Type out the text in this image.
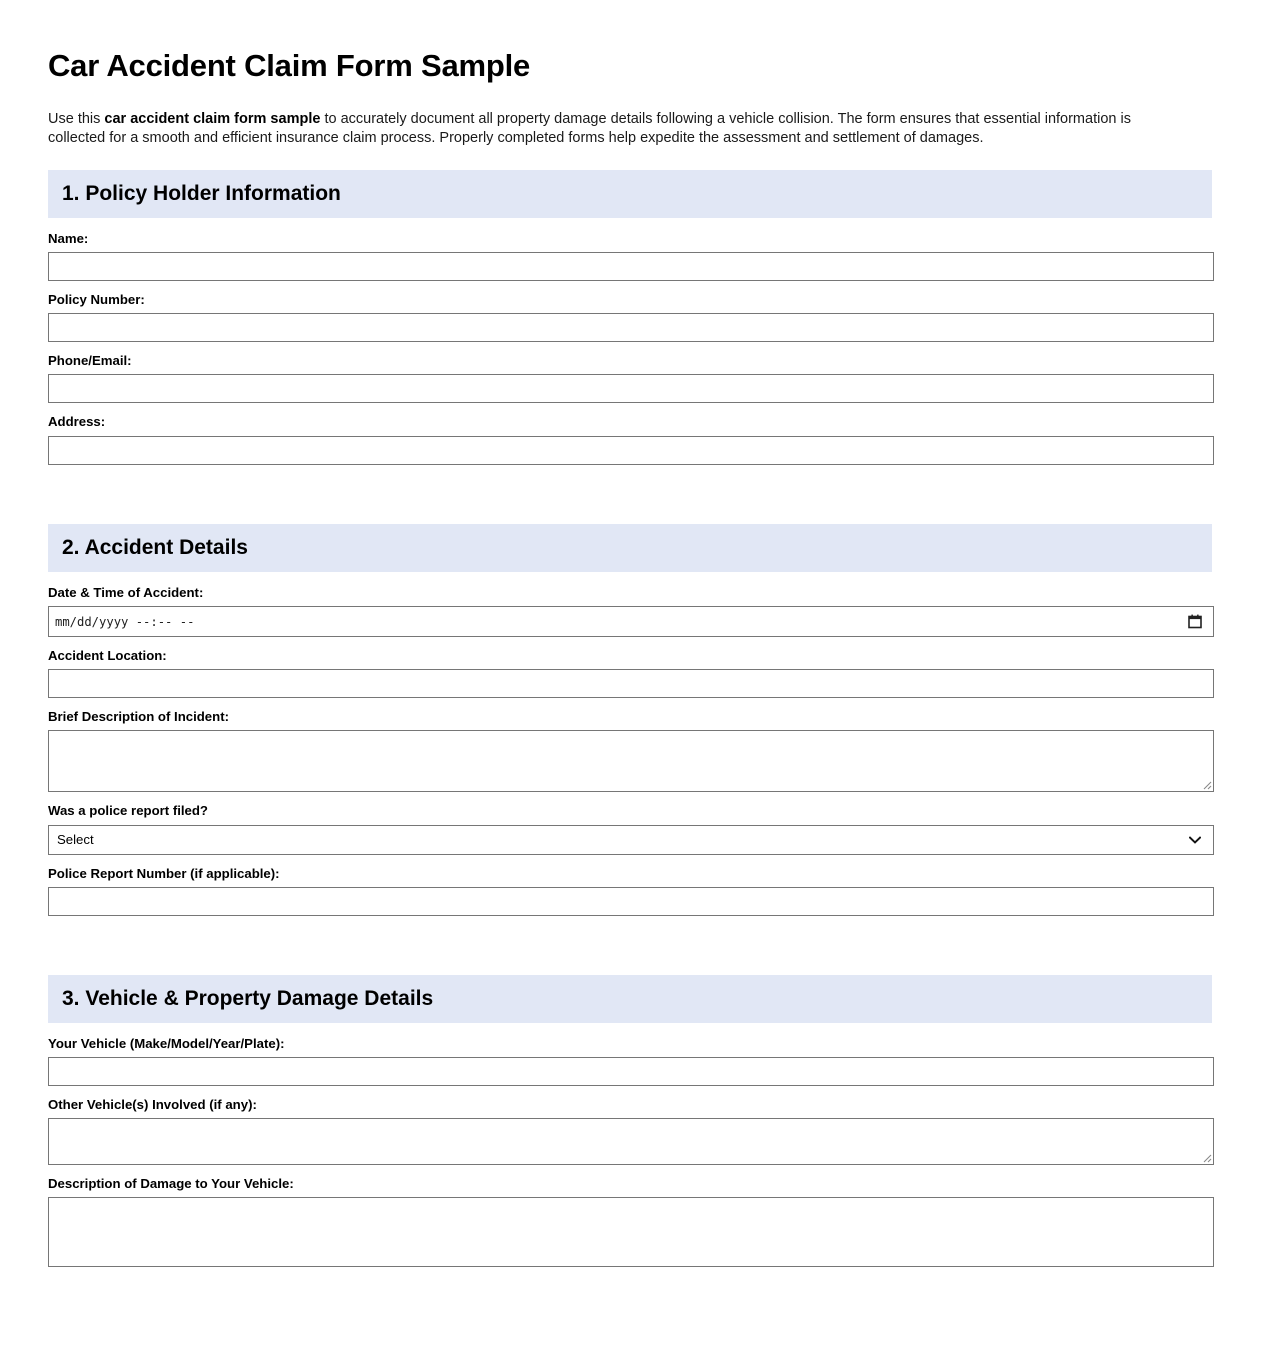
Car Accident Claim Form Sample

Use this car accident claim form sample to accurately document all property damage details following a vehicle collision. The form ensures that essential information is collected for a smooth and efficient insurance claim process. Properly completed forms help expedite the assessment and settlement of damages.

1. Policy Holder Information
Name:
Policy Number:
Phone/Email:
Address:
2. Accident Details
Date & Time of Accident:
mm/dd/yyyy --:-- --
Accident Location:
Brief Description of Incident:
Was a police report filed?
Select
Police Report Number (if applicable):
3. Vehicle & Property Damage Details
Your Vehicle (Make/Model/Year/Plate):
Other Vehicle(s) Involved (if any):
Description of Damage to Your Vehicle:
